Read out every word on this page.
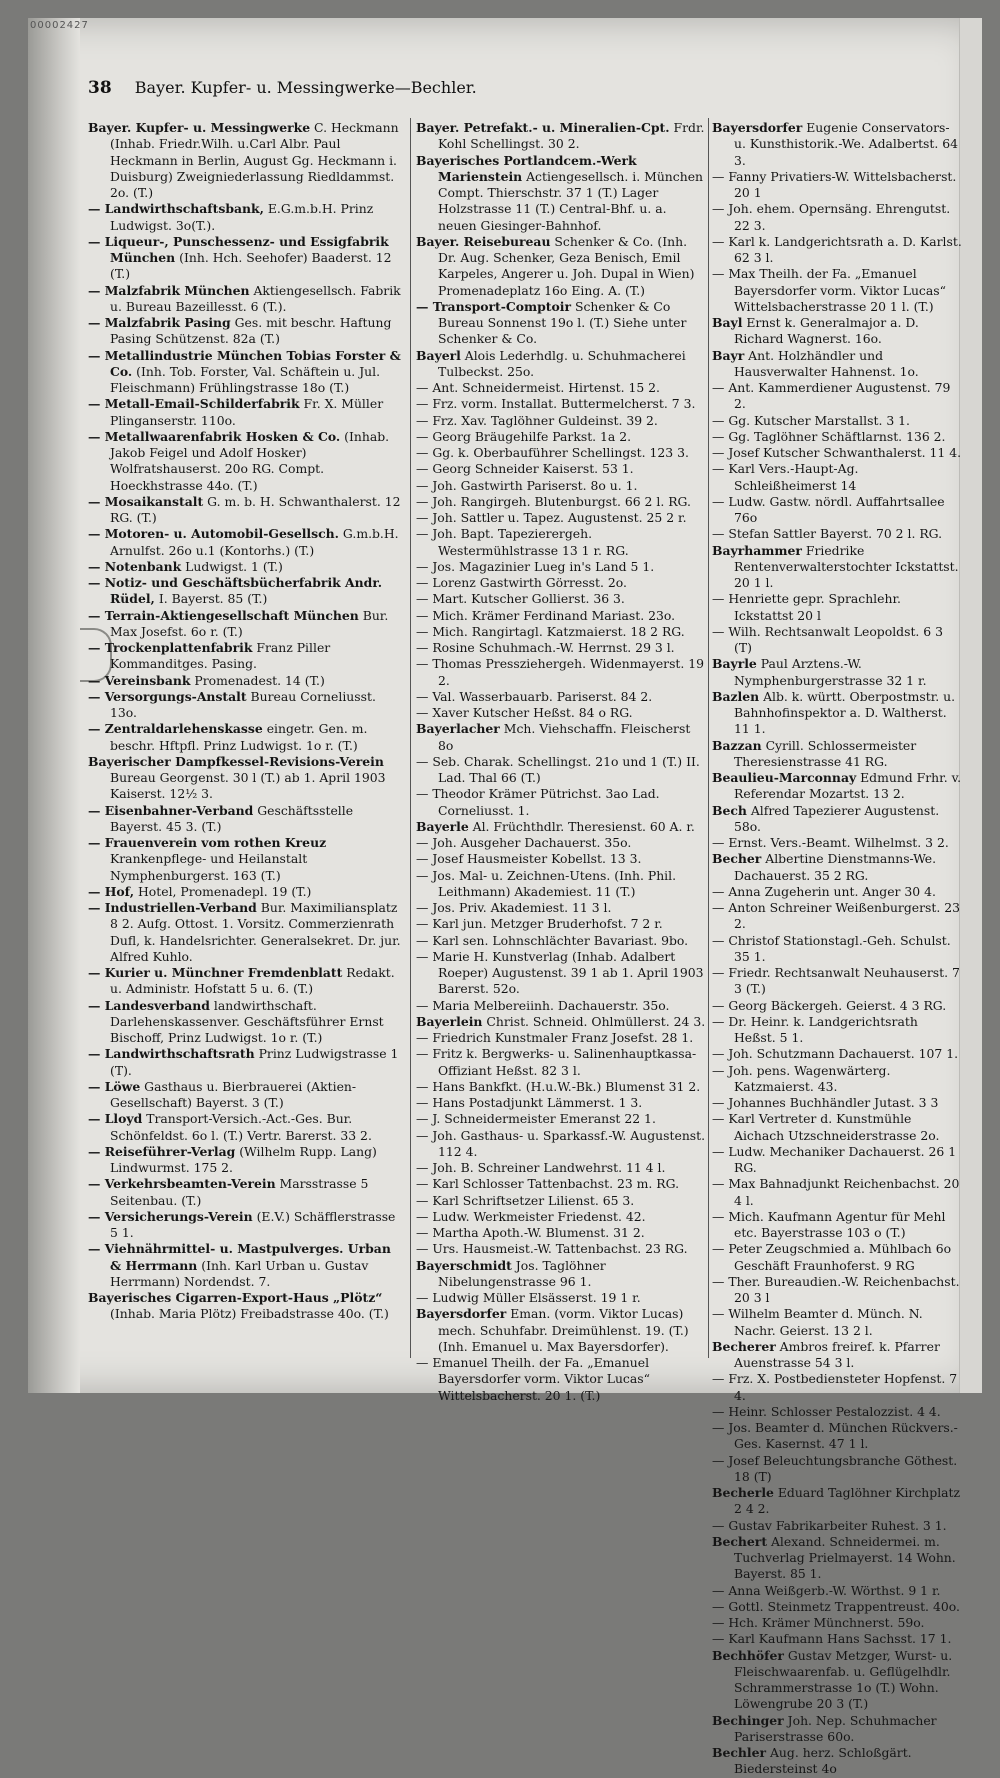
00002427
38 Bayer. Kupfer- u. Messingwerke—Bechler.

Bayer. Kupfer- u. Messingwerke C. Heckmann (Inhab. Friedr.Wilh. u.Carl Albr. Paul Heckmann in Berlin, August Gg. Heckmann i. Duisburg) Zweigniederlassung Riedldammst. 2o. (T.)

— Landwirthschaftsbank, E.G.m.b.H. Prinz Ludwigst. 3o(T.).

— Liqueur-, Punschessenz- und Essigfabrik München (Inh. Hch. Seehofer) Baaderst. 12 (T.)

— Malzfabrik München Aktiengesellsch. Fabrik u. Bureau Bazeillesst. 6 (T.).

— Malzfabrik Pasing Ges. mit beschr. Haftung Pasing Schützenst. 82a (T.)

— Metallindustrie München Tobias Forster & Co. (Inh. Tob. Forster, Val. Schäftein u. Jul. Fleischmann) Frühlingstrasse 18o (T.)

— Metall-Email-Schilderfabrik Fr. X. Müller Plinganserstr. 110o.

— Metallwaarenfabrik Hosken & Co. (Inhab. Jakob Feigel und Adolf Hosker) Wolfratshauserst. 20o RG. Compt. Hoeckhstrasse 44o. (T.)

— Mosaikanstalt G. m. b. H. Schwanthalerst. 12 RG. (T.)

— Motoren- u. Automobil-Gesellsch. G.m.b.H. Arnulfst. 26o u.1 (Kontorhs.) (T.)

— Notenbank Ludwigst. 1 (T.)

— Notiz- und Geschäftsbücherfabrik Andr. Rüdel, I. Bayerst. 85 (T.)

— Terrain-Aktiengesellschaft München Bur. Max Josefst. 6o r. (T.)

— Trockenplattenfabrik Franz Piller Kommanditges. Pasing.

— Vereinsbank Promenadest. 14 (T.)

— Versorgungs-Anstalt Bureau Corneliusst. 13o.

— Zentraldarlehenskasse eingetr. Gen. m. beschr. Hftpfl. Prinz Ludwigst. 1o r. (T.)

Bayerischer Dampfkessel-Revisions-Verein Bureau Georgenst. 30 l (T.) ab 1. April 1903 Kaiserst. 12½ 3.

— Eisenbahner-Verband Geschäftsstelle Bayerst. 45 3. (T.)

— Frauenverein vom rothen Kreuz Krankenpflege- und Heilanstalt Nymphenburgerst. 163 (T.)

— Hof, Hotel, Promenadepl. 19 (T.)

— Industriellen-Verband Bur. Maximiliansplatz 8 2. Aufg. Ottost. 1. Vorsitz. Commerzienrath Dufl, k. Handelsrichter. Generalsekret. Dr. jur. Alfred Kuhlo.

— Kurier u. Münchner Fremdenblatt Redakt. u. Administr. Hofstatt 5 u. 6. (T.)

— Landesverband landwirthschaft. Darlehenskassenver. Geschäftsführer Ernst Bischoff, Prinz Ludwigst. 1o r. (T.)

— Landwirthschaftsrath Prinz Ludwigstrasse 1 (T).

— Löwe Gasthaus u. Bierbrauerei (Aktien-Gesellschaft) Bayerst. 3 (T.)

— Lloyd Transport-Versich.-Act.-Ges. Bur. Schönfeldst. 6o l. (T.) Vertr. Barerst. 33 2.

— Reiseführer-Verlag (Wilhelm Rupp. Lang) Lindwurmst. 175 2.

— Verkehrsbeamten-Verein Marsstrasse 5 Seitenbau. (T.)

— Versicherungs-Verein (E.V.) Schäfflerstrasse 5 1.

— Viehnährmittel- u. Mastpulverges. Urban & Herrmann (Inh. Karl Urban u. Gustav Herrmann) Nordendst. 7.

Bayerisches Cigarren-Export-Haus „Plötz“ (Inhab. Maria Plötz) Freibadstrasse 40o. (T.)

Bayer. Petrefakt.- u. Mineralien-Cpt. Frdr. Kohl Schellingst. 30 2.

Bayerisches Portlandcem.-Werk Marienstein Actiengesellsch. i. München Compt. Thierschstr. 37 1 (T.) Lager Holzstrasse 11 (T.) Central-Bhf. u. a. neuen Giesinger-Bahnhof.

Bayer. Reisebureau Schenker & Co. (Inh. Dr. Aug. Schenker, Geza Benisch, Emil Karpeles, Angerer u. Joh. Dupal in Wien) Promenadeplatz 16o Eing. A. (T.)

— Transport-Comptoir Schenker & Co Bureau Sonnenst 19o l. (T.) Siehe unter Schenker & Co.

Bayerl Alois Lederhdlg. u. Schuhmacherei Tulbeckst. 25o.

— Ant. Schneidermeist. Hirtenst. 15 2.

— Frz. vorm. Installat. Buttermelcherst. 7 3.

— Frz. Xav. Taglöhner Guldeinst. 39 2.

— Georg Bräugehilfe Parkst. 1a 2.

— Gg. k. Oberbauführer Schellingst. 123 3.

— Georg Schneider Kaiserst. 53 1.

— Joh. Gastwirth Pariserst. 8o u. 1.

— Joh. Rangirgeh. Blutenburgst. 66 2 l. RG.

— Joh. Sattler u. Tapez. Augustenst. 25 2 r.

— Joh. Bapt. Tapezierergeh. Westermühlstrasse 13 1 r. RG.

— Jos. Magazinier Lueg in's Land 5 1.

— Lorenz Gastwirth Görresst. 2o.

— Mart. Kutscher Gollierst. 36 3.

— Mich. Krämer Ferdinand Mariast. 23o.

— Mich. Rangirtagl. Katzmaierst. 18 2 RG.

— Rosine Schuhmach.-W. Herrnst. 29 3 l.

— Thomas Pressziehergeh. Widenmayerst. 19 2.

— Val. Wasserbauarb. Pariserst. 84 2.

— Xaver Kutscher Heßst. 84 o RG.

Bayerlacher Mch. Viehschaffn. Fleischerst 8o

— Seb. Charak. Schellingst. 21o und 1 (T.) II. Lad. Thal 66 (T.)

— Theodor Krämer Pütrichst. 3ao Lad. Corneliusst. 1.

Bayerle Al. Früchthdlr. Theresienst. 60 A. r.

— Joh. Ausgeher Dachauerst. 35o.

— Josef Hausmeister Kobellst. 13 3.

— Jos. Mal- u. Zeichnen-Utens. (Inh. Phil. Leithmann) Akademiest. 11 (T.)

— Jos. Priv. Akademiest. 11 3 l.

— Karl jun. Metzger Bruderhofst. 7 2 r.

— Karl sen. Lohnschlächter Bavariast. 9bo.

— Marie H. Kunstverlag (Inhab. Adalbert Roeper) Augustenst. 39 1 ab 1. April 1903 Barerst. 52o.

— Maria Melbereiinh. Dachauerstr. 35o.

Bayerlein Christ. Schneid. Ohlmüllerst. 24 3.

— Friedrich Kunstmaler Franz Josefst. 28 1.

— Fritz k. Bergwerks- u. Salinenhauptkassa-Offiziant Heßst. 82 3 l.

— Hans Bankfkt. (H.u.W.-Bk.) Blumenst 31 2.

— Hans Postadjunkt Lämmerst. 1 3.

— J. Schneidermeister Emeranst 22 1.

— Joh. Gasthaus- u. Sparkassf.-W. Augustenst. 112 4.

— Joh. B. Schreiner Landwehrst. 11 4 l.

— Karl Schlosser Tattenbachst. 23 m. RG.

— Karl Schriftsetzer Lilienst. 65 3.

— Ludw. Werkmeister Friedenst. 42.

— Martha Apoth.-W. Blumenst. 31 2.

— Urs. Hausmeist.-W. Tattenbachst. 23 RG.

Bayerschmidt Jos. Taglöhner Nibelungenstrasse 96 1.

— Ludwig Müller Elsässerst. 19 1 r.

Bayersdorfer Eman. (vorm. Viktor Lucas) mech. Schuhfabr. Dreimühlenst. 19. (T.) (Inh. Emanuel u. Max Bayersdorfer).

— Emanuel Theilh. der Fa. „Emanuel Bayersdorfer vorm. Viktor Lucas“ Wittelsbacherst. 20 1. (T.)

Bayersdorfer Eugenie Conservators- u. Kunsthistorik.-We. Adalbertst. 64 3.

— Fanny Privatiers-W. Wittelsbacherst. 20 1

— Joh. ehem. Opernsäng. Ehrengutst. 22 3.

— Karl k. Landgerichtsrath a. D. Karlst. 62 3 l.

— Max Theilh. der Fa. „Emanuel Bayersdorfer vorm. Viktor Lucas“ Wittelsbacherstrasse 20 1 l. (T.)

Bayl Ernst k. Generalmajor a. D. Richard Wagnerst. 16o.

Bayr Ant. Holzhändler und Hausverwalter Hahnenst. 1o.

— Ant. Kammerdiener Augustenst. 79 2.

— Gg. Kutscher Marstallst. 3 1.

— Gg. Taglöhner Schäftlarnst. 136 2.

— Josef Kutscher Schwanthalerst. 11 4.

— Karl Vers.-Haupt-Ag. Schleißheimerst 14

— Ludw. Gastw. nördl. Auffahrtsallee 76o

— Stefan Sattler Bayerst. 70 2 l. RG.

Bayrhammer Friedrike Rentenverwalterstochter Ickstattst. 20 1 l.

— Henriette gepr. Sprachlehr. Ickstattst 20 l

— Wilh. Rechtsanwalt Leopoldst. 6 3 (T)

Bayrle Paul Arztens.-W. Nymphenburgerstrasse 32 1 r.

Bazlen Alb. k. württ. Oberpostmstr. u. Bahnhofinspektor a. D. Waltherst. 11 1.

Bazzan Cyrill. Schlossermeister Theresienstrasse 41 RG.

Beaulieu-Marconnay Edmund Frhr. v. Referendar Mozartst. 13 2.

Bech Alfred Tapezierer Augustenst. 58o.

— Ernst. Vers.-Beamt. Wilhelmst. 3 2.

Becher Albertine Dienstmanns-We. Dachauerst. 35 2 RG.

— Anna Zugeherin unt. Anger 30 4.

— Anton Schreiner Weißenburgerst. 23 2.

— Christof Stationstagl.-Geh. Schulst. 35 1.

— Friedr. Rechtsanwalt Neuhauserst. 7 3 (T.)

— Georg Bäckergeh. Geierst. 4 3 RG.

— Dr. Heinr. k. Landgerichtsrath Heßst. 5 1.

— Joh. Schutzmann Dachauerst. 107 1.

— Joh. pens. Wagenwärterg. Katzmaierst. 43.

— Johannes Buchhändler Jutast. 3 3

— Karl Vertreter d. Kunstmühle Aichach Utzschneiderstrasse 2o.

— Ludw. Mechaniker Dachauerst. 26 1 RG.

— Max Bahnadjunkt Reichenbachst. 20 4 l.

— Mich. Kaufmann Agentur für Mehl etc. Bayerstrasse 103 o (T.)

— Peter Zeugschmied a. Mühlbach 6o Geschäft Fraunhoferst. 9 RG

— Ther. Bureaudien.-W. Reichenbachst. 20 3 l

— Wilhelm Beamter d. Münch. N. Nachr. Geierst. 13 2 l.

Becherer Ambros freiref. k. Pfarrer Auenstrasse 54 3 l.

— Frz. X. Postbediensteter Hopfenst. 7 4.

— Heinr. Schlosser Pestalozzist. 4 4.

— Jos. Beamter d. München Rückvers.-Ges. Kasernst. 47 1 l.

— Josef Beleuchtungsbranche Göthest. 18 (T)

Becherle Eduard Taglöhner Kirchplatz 2 4 2.

— Gustav Fabrikarbeiter Ruhest. 3 1.

Bechert Alexand. Schneidermei. m. Tuchverlag Prielmayerst. 14 Wohn. Bayerst. 85 1.

— Anna Weißgerb.-W. Wörthst. 9 1 r.

— Gottl. Steinmetz Trappentreust. 40o.

— Hch. Krämer Münchnerst. 59o.

— Karl Kaufmann Hans Sachsst. 17 1.

Bechhöfer Gustav Metzger, Wurst- u. Fleischwaarenfab. u. Geflügelhdlr. Schrammerstrasse 1o (T.) Wohn. Löwengrube 20 3 (T.)

Bechinger Joh. Nep. Schuhmacher Pariserstrasse 60o.

Bechler Aug. herz. Schloßgärt. Biedersteinst 4o
